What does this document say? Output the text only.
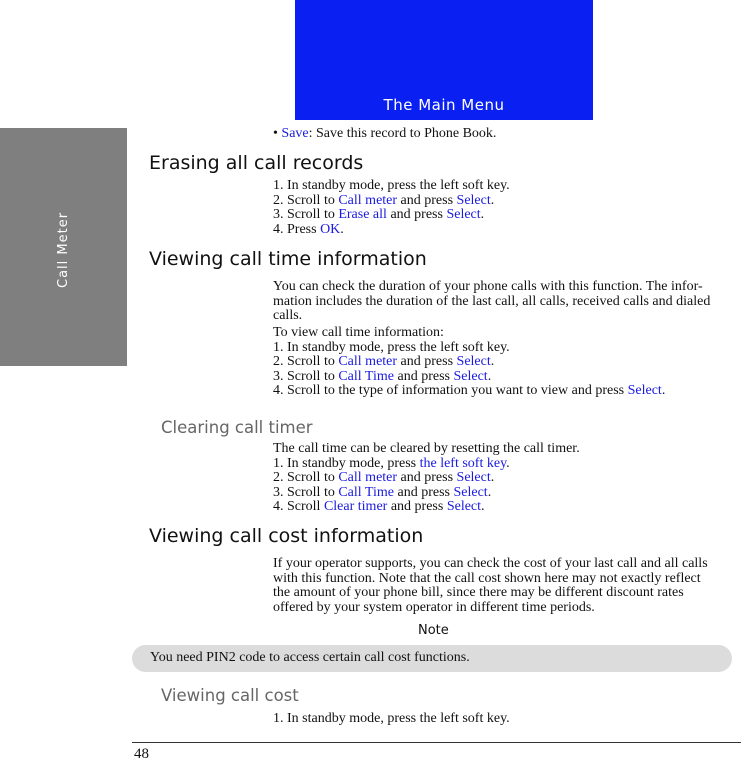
The Main Menu
Call Meter
• Save: Save this record to Phone Book.
Erasing all call records
1. In standby mode, press the left soft key.
2. Scroll to Call meter and press Select.
3. Scroll to Erase all and press Select.
4. Press OK.
Viewing call time information
You can check the duration of your phone calls with this function. The infor-
mation includes the duration of the last call, all calls, received calls and dialed
calls.
To view call time information:
1. In standby mode, press the left soft key.
2. Scroll to Call meter and press Select.
3. Scroll to Call Time and press Select.
4. Scroll to the type of information you want to view and press Select.
Clearing call timer
The call time can be cleared by resetting the call timer.
1. In standby mode, press the left soft key.
2. Scroll to Call meter and press Select.
3. Scroll to Call Time and press Select.
4. Scroll Clear timer and press Select.
Viewing call cost information
If your operator supports, you can check the cost of your last call and all calls
with this function. Note that the call cost shown here may not exactly reflect
the amount of your phone bill, since there may be different discount rates
offered by your system operator in different time periods.
Note
You need PIN2 code to access certain call cost functions.
Viewing call cost
1. In standby mode, press the left soft key.
48
